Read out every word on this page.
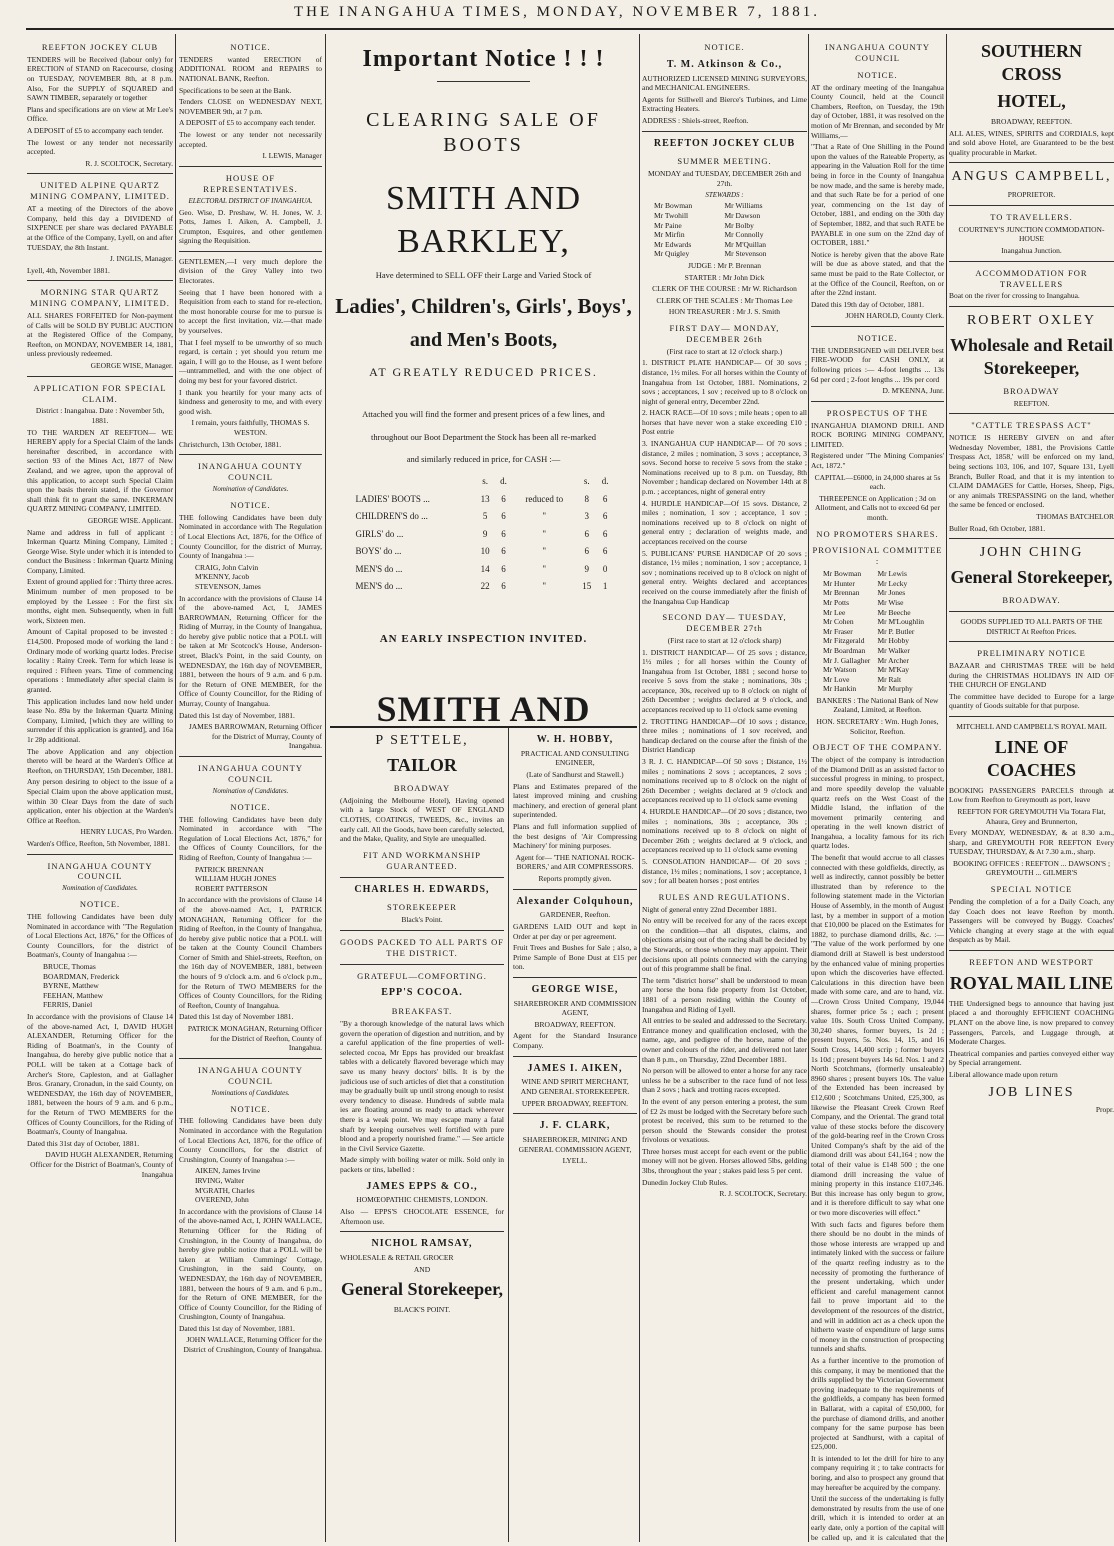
THE INANGAHUA TIMES, MONDAY, NOVEMBER 7, 1881.
REEFTON JOCKEY CLUB
TENDERS will be Received (labour only) for ERECTION of STAND on Racecourse, closing on TUESDAY, NOVEMBER 8th, at 8 p.m. Also, For the SUPPLY of SQUARED and SAWN TIMBER, separately or together
Plans and specifications are on view at Mr Lee's Office.
A DEPOSIT of £5 to accompany each tender.
The lowest or any tender not necessarily accepted.
R. J. SCOLTOCK, Secretary.
UNITED ALPINE QUARTZ MINING COMPANY, LIMITED.
AT a meeting of the Directors of the above Company, held this day a DIVIDEND of SIXPENCE per share was declared PAYABLE at the Office of the Company, Lyell, on and after TUESDAY, the 8th Instant.
J. INGLIS, Manager.
Lyell, 4th, November 1881.
MORNING STAR QUARTZ MINING COMPANY, LIMITED.
ALL SHARES FORFEITED for Non-payment of Calls will be SOLD BY PUBLIC AUCTION at the Registered Office of the Company, Reefton, on MONDAY, NOVEMBER 14, 1881, unless previously redeemed.
GEORGE WISE, Manager.
APPLICATION FOR SPECIAL CLAIM.
District : Inangahua. Date : November 5th, 1881.
TO THE WARDEN AT REEFTON— WE HEREBY apply for a Special Claim of the lands hereinafter described, in accordance with section 93 of the Mines Act, 1877 of New Zealand, and we agree, upon the approval of this application, to accept such Special Claim upon the basis therein stated, if the Governor shall think fit to grant the same. INKERMAN QUARTZ MINING COMPANY, LIMITED.
GEORGE WISE. Applicant.
Name and address in full of applicant : Inkerman Quartz Mining Company, Limited ; George Wise. Style under which it is intended to conduct the Business : Inkerman Quartz Mining Company, Limited.
Extent of ground applied for : Thirty three acres. Minimum number of men proposed to be employed by the Lessee : For the first six months, eight men. Subsequently, when in full work, Sixteen men.
Amount of Capital proposed to be invested : £14,500. Proposed mode of working the land : Ordinary mode of working quartz lodes. Precise locality : Rainy Creek. Term for which lease is required : Fifteen years. Time of commencing operations : Immediately after special claim is granted.
This application includes land now held under lease No. 89a by the Inkerman Quartz Mining Company, Limited, [which they are willing to surrender if this application is granted], and 16a 1r 28p additional.
The above Application and any objection thereto will be heard at the Warden's Office at Reefton, on THURSDAY, 15th December, 1881.
Any person desiring to object to the issue of a Special Claim upon the above application must, within 30 Clear Days from the date of such application, enter his objection at the Warden's Office at Reefton.
HENRY LUCAS, Pro Warden.
Warden's Office, Reefton, 5th November, 1881.
INANGAHUA COUNTY COUNCIL
Nomination of Candidates.
NOTICE.
THE following Candidates have been duly Nominated in accordance with "The Regulation of Local Elections Act, 1876," for the Offices of County Councillors, for the district of Boatman's, County of Inangahua :—
BRUCE, Thomas
BOARDMAN, Frederick
BYRNE, Matthew
FEEHAN, Matthew
FERRIS, Daniel
In accordance with the provisions of Clause 14 of the above-named Act, I, DAVID HUGH ALEXANDER, Returning Officer for the Riding of Boatman's, in the County of Inangahua, do hereby give public notice that a POLL will be taken at a Cottage back of Archer's Store, Capleston, and at Gallagher Bros. Granary, Cronadun, in the said County, on WEDNESDAY, the 16th day of NOVEMBER, 1881, between the hours of 9 a.m. and 6 p.m., for the Return of TWO MEMBERS for the Offices of County Councillors, for the Riding of Boatman's, County of Inangahua.
Dated this 31st day of October, 1881.
DAVID HUGH ALEXANDER, Returning Officer for the District of Boatman's, County of Inangahua
NOTICE.
TENDERS wanted ERECTION of ADDITIONAL ROOM and REPAIRS to NATIONAL BANK, Reefton.
Specifications to be seen at the Bank.
Tenders CLOSE on WEDNESDAY NEXT, NOVEMBER 9th, at 7 p.m.
A DEPOSIT of £5 to accompany each tender.
The lowest or any tender not necessarily accepted.
I. LEWIS, Manager
HOUSE OF REPRESENTATIVES.
ELECTORAL DISTRICT OF INANGAHUA.
Geo. Wise, D. Preshaw, W. H. Jones, W. J. Potts, James I. Aiken, A. Campbell, J. Crumpton, Esquires, and other gentlemen signing the Requisition.
GENTLEMEN,—I very much deplore the division of the Grey Valley into two Electorates.
Seeing that I have been honored with a Requisition from each to stand for re-election, the most honorable course for me to pursue is to accept the first invitation, viz.—that made by yourselves.
That I feel myself to be unworthy of so much regard, is certain ; yet should you return me again, I will go to the House, as I went before—untrammelled, and with the one object of doing my best for your favored district.
I thank you heartily for your many acts of kindness and generosity to me, and with every good wish.
I remain, yours faithfully, THOMAS S. WESTON.
Christchurch, 13th October, 1881.
INANGAHUA COUNTY COUNCIL
Nomination of Candidates.
NOTICE.
THE following Candidates have been duly Nominated in accordance with The Regulation of Local Elections Act, 1876, for the Office of County Councillor, for the district of Murray, County of Inangahua :—
CRAIG, John Calvin
M'KENNY, Jacob
STEVENSON, James
In accordance with the provisions of Clause 14 of the above-named Act, I, JAMES BARROWMAN, Returning Officer for the Riding of Murray, in the County of Inangahua, do hereby give public notice that a POLL will be taken at Mr Scotcock's House, Anderson-street, Black's Point, in the said County, on WEDNESDAY, the 16th day of NOVEMBER, 1881, between the hours of 9 a.m. and 6 p.m. for the Return of ONE MEMBER, for the Office of County Councillor, for the Riding of Murray, County of Inangahua.
Dated this 1st day of November, 1881.
JAMES BARROWMAN, Returning Officer for the District of Murray, County of Inangahua.
INANGAHUA COUNTY COUNCIL
Nomination of Candidates.
NOTICE.
THE following Candidates have been duly Nominated in accordance with "The Regulation of Local Elections Act, 1876," for the Offices of County Councillors, for the Riding of Reefton, County of Inangahua :—
PATRICK BRENNAN
WILLIAM HUGH JONES
ROBERT PATTERSON
In accordance with the provisions of Clause 14 of the above-named Act, I, PATRICK MONAGHAN, Returning Officer for the Riding of Reefton, in the County of Inangahua, do hereby give public notice that a POLL will be taken at the County Council Chambers Corner of Smith and Shiel-streets, Reefton, on the 16th day of NOVEMBER, 1881, between the hours of 9 o'clock a.m. and 6 o'clock p.m., for the Return of TWO MEMBERS for the Offices of County Councillors, for the Riding of Reefton, County of Inangahua.
Dated this 1st day of November 1881.
PATRICK MONAGHAN, Returning Officer for the District of Reefton, County of Inangahua.
INANGAHUA COUNTY COUNCIL
Nominations of Candidates.
NOTICE.
THE following Candidates have been duly Nominated in accordance with the Regulation of Local Elections Act, 1876, for the office of County Councillors, for the district of Crushington, County of Inangahua :—
AIKEN, James Irvine
IRVING, Walter
M'GRATH, Charles
OVEREND, John
In accordance with the provisions of Clause 14 of the above-named Act, I, JOHN WALLACE, Returning Officer for the Riding of Crushington, in the County of Inangahua, do hereby give public notice that a POLL will be taken at William Cummings' Cottage, Crushington, in the said County, on WEDNESDAY, the 16th day of NOVEMBER, 1881, between the hours of 9 a.m. and 6 p.m., for the Return of ONE MEMBER, for the Office of County Councillor, for the Riding of Crushington, County of Inangahua.
Dated this 1st day of November, 1881.
JOHN WALLACE, Returning Officer for the District of Crushington, County of Inangahua.
Important Notice ! ! !
CLEARING SALE OF BOOTS
SMITH AND BARKLEY,
Have determined to SELL OFF their Large and Varied Stock of
Ladies', Children's, Girls', Boys',
and Men's Boots,
AT GREATLY REDUCED PRICES.
Attached you will find the former and present prices of a few lines, and
throughout our Boot Department the Stock has been all re-marked
and similarly reduced in price, for CASH :—
	s.	d.		s.	d.
LADIES' BOOTS ...	13	6	reduced to	8	6
CHILDREN'S do ...	5	6	"	3	6
GIRLS' do ...	9	6	"	6	6
BOYS' do ...	10	6	"	6	6
MEN'S do ...	14	6	"	9	0
MEN'S do ...	22	6	"	15	1
AN EARLY INSPECTION INVITED.
SMITH AND
P SETTELE,
TAILOR
BROADWAY
(Adjoining the Melbourne Hotel), Having opened with a large Stock of WEST OF ENGLAND CLOTHS, COATINGS, TWEEDS, &c., invites an early call. All the Goods, have been carefully selected, and the Make, Quality, and Style are unequalled.
FIT AND WORKMANSHIP GUARANTEED.
CHARLES H. EDWARDS,
STOREKEEPER
Black's Point.
GOODS PACKED TO ALL PARTS OF THE DISTRICT.
GRATEFUL—COMFORTING.
EPP'S COCOA.
BREAKFAST.
"By a thorough knowledge of the natural laws which govern the operation of digestion and nutrition, and by a careful application of the fine properties of well-selected cocoa, Mr Epps has provided our breakfast tables with a delicately flavored beverage which may save us many heavy doctors' bills. It is by the judicious use of such articles of diet that a constitution may be gradually built up until strong enough to resist every tendency to disease. Hundreds of subtle mala ies are floating around us ready to attack wherever there is a weak point. We may escape many a fatal shaft by keeping ourselves well fortified with pure blood and a properly nourished frame." — See article in the Civil Service Gazette.
Made simply with boiling water or milk. Sold only in packets or tins, labelled :
JAMES EPPS & CO.,
HOMŒOPATHIC CHEMISTS, LONDON.
Also — EPPS'S CHOCOLATE ESSENCE, for Afternoon use.
NICHOL RAMSAY,
WHOLESALE & RETAIL GROCER
AND
General Storekeeper,
BLACK'S POINT.
W. H. HOBBY,
PRACTICAL AND CONSULTING ENGINEER,
(Late of Sandhurst and Stawell.)
Plans and Estimates prepared of the latest improved mining and crushing machinery, and erection of general plant superintended.
Plans and full information supplied of the best designs of 'Air Compressing Machinery' for mining purposes.
Agent for— 'THE NATIONAL ROCK-BORERS,' and AIR COMPRESSORS.
Reports promptly given.
Alexander Colquhoun,
GARDENER, Reefton.
GARDENS LAID OUT and kept in Order at per day or per agreement.
Fruit Trees and Bushes for Sale ; also, a Prime Sample of Bone Dust at £15 per ton.
GEORGE WISE,
SHAREBROKER AND COMMISSION AGENT,
BROADWAY, REEFTON.
Agent for the Standard Insurance Company.
JAMES I. AIKEN,
WINE AND SPIRIT MERCHANT, AND GENERAL STOREKEEPER.
UPPER BROADWAY, REEFTON.
J. F. CLARK,
SHAREBROKER, MINING AND GENERAL COMMISSION AGENT,
LYELL.
NOTICE.
T. M. Atkinson & Co.,
AUTHORIZED LICENSED MINING SURVEYORS, and MECHANICAL ENGINEERS.
Agents for Stillwell and Bierce's Turbines, and Lime Extracting Heaters.
ADDRESS : Shiels-street, Reefton.
REEFTON JOCKEY CLUB
SUMMER MEETING.
MONDAY and TUESDAY, DECEMBER 26th and 27th.
STEWARDS :
Mr Bowman	Mr Williams
Mr Twohill	Mr Dawson
Mr Paine	Mr Bolby
Mr Mirfin	Mr Connolly
Mr Edwards	Mr M'Quillan
Mr Quigley	Mr Stevenson
JUDGE : Mr P. Brennan
STARTER : Mr John Dick
CLERK OF THE COURSE : Mr W. Richardson
CLERK OF THE SCALES : Mr Thomas Lee
HON TREASURER : Mr J. S. Smith
FIRST DAY— MONDAY, DECEMBER 26th
(First race to start at 12 o'clock sharp.)
1. DISTRICT PLATE HANDICAP— Of 30 sovs ; distance, 1½ miles. For all horses within the County of Inangahua from 1st October, 1881. Nominations, 2 sovs ; acceptances, 1 sov ; received up to 8 o'clock on night of general entry, December 22nd.
2. HACK RACE—Of 10 sovs ; mile heats ; open to all horses that have never won a stake exceeding £10 ; Post entrie
3. INANGAHUA CUP HANDICAP— Of 70 sovs ; distance, 2 miles ; nomination, 3 sovs ; acceptance, 3 sovs. Second horse to receive 5 sovs from the stake ; Nominations received up to 8 p.m. on Tuesday, 8th November ; handicap declared on November 14th at 8 p.m. ; acceptances, night of general entry
4. HURDLE HANDICAP—Of 15 sovs. Distance, 2 miles ; nomination, 1 sov ; acceptance, 1 sov ; nominations received up to 8 o'clock on night of general entry ; declaration of weights made, and acceptances received on the course
5. PUBLICANS' PURSE HANDICAP Of 20 sovs ; distance, 1½ miles ; nomination, 1 sov ; acceptance, 1 sov ; nominations received up to 8 o'clock on night of general entry. Weights declared and acceptances received on the course immediately after the finish of the Inangahua Cup Handicap
SECOND DAY— TUESDAY, DECEMBER 27th
(First race to start at 12 o'clock sharp)
1. DISTRICT HANDICAP— Of 25 sovs ; distance, 1½ miles ; for all horses within the County of Inangahua from 1st October, 1881 ; second horse to receive 5 sovs from the stake ; nominations, 30s ; acceptance, 30s, received up to 8 o'clock on night of 26th December ; weights declared at 9 o'clock, and acceptances received up to 11 o'clock same evening
2. TROTTING HANDICAP—Of 10 sovs ; distance, three miles ; nominations of 1 sov received, and handicap declared on the course after the finish of the District Handicap
3 R. J. C. HANDICAP—Of 50 sovs ; Distance, 1½ miles ; nominations 2 sovs ; acceptances, 2 sovs ; nominations received up to 8 o'clock on the night of 26th December ; weights declared at 9 o'clock and acceptances received up to 11 o'clock same evening
4. HURDLE HANDICAP—Of 20 sovs ; distance, two miles ; nominations, 30s ; acceptance, 30s ; nominations received up to 8 o'clock on night of December 26th ; weights declared at 9 o'clock, and acceptances received up to 11 o'clock same evening
5. CONSOLATION HANDICAP— Of 20 sovs ; distance, 1½ miles ; nominations, 1 sov ; acceptance, 1 sov ; for all beaten horses ; post entries
RULES AND REGULATIONS.
Night of general entry 22nd December 1881.
No entry will be received for any of the races except on the condition—that all disputes, claims, and objections arising out of the racing shall be decided by the Stewards, or those whom they may appoint. Their decisions upon all points connected with the carrying out of this programme shall be final.
The term "district horse" shall be understood to mean any horse the bona fide property from 1st October, 1881 of a person residing within the County of Inangahua and Riding of Lyell.
All entries to be sealed and addressed to the Secretary. Entrance money and qualification enclosed, with the name, age, and pedigree of the horse, name of the owner and colours of the rider, and delivered not later than 8 p.m., on Thursday, 22nd December 1881.
No person will be allowed to enter a horse for any race unless he be a subscriber to the race fund of not less than 2 sovs ; hack and trotting races excepted.
In the event of any person entering a protest, the sum of £2 2s must be lodged with the Secretary before such protest be received, this sum to be returned to the person should the Stewards consider the protest frivolous or vexatious.
Three horses must accept for each event or the public money will not be given. Horses allowed 5lbs, gelding 3lbs, throughout the year ; stakes paid less 5 per cent.
Dunedin Jockey Club Rules.
R. J. SCOLTOCK, Secretary.
INANGAHUA COUNTY COUNCIL
NOTICE.
AT the ordinary meeting of the Inangahua County Council, held at the Council Chambers, Reefton, on Tuesday, the 19th day of October, 1881, it was resolved on the motion of Mr Brennan, and seconded by Mr Williams,—
"That a Rate of One Shilling in the Pound upon the values of the Rateable Property, as appearing in the Valuation Roll for the time being in force in the County of Inangahua be now made, and the same is hereby made, and that such Rate be for a period of one year, commencing on the 1st day of October, 1881, and ending on the 30th day of September, 1882, and that such RATE be PAYABLE in one sum on the 22nd day of OCTOBER, 1881."
Notice is hereby given that the above Rate will be due as above stated, and that the same must be paid to the Rate Collector, or at the Office of the Council, Reefton, on or after the 22nd instant.
Dated this 19th day of October, 1881.
JOHN HAROLD, County Clerk.
NOTICE.
THE UNDERSIGNED will DELIVER best FIRE-WOOD for CASH ONLY, at following prices :— 4-foot lengths ... 13s 6d per cord ; 2-foot lengths ... 19s per cord
D. M'KENNA, Junr.
PROSPECTUS OF THE
INANGAHUA DIAMOND DRILL AND ROCK BORING MINING COMPANY, LIMITED.
Registered under "The Mining Companies' Act, 1872."
CAPITAL—£6000, in 24,000 shares at 5s each.
THREEPENCE on Application ; 3d on Allotment, and Calls not to exceed 6d per month.
NO PROMOTERS SHARES.
PROVISIONAL COMMITTEE :
Mr Bowman	Mr Lewis
Mr Hunter	Mr Lecky
Mr Brennan	Mr Jones
Mr Potts	Mr Wise
Mr Lee	Mr Beeche
Mr Cohen	Mr M'Loughlin
Mr Fraser	Mr P. Butler
Mr Fitzgerald	Mr Hobby
Mr Boardman	Mr Walker
Mr J. Gallagher Mr Archer
Mr Watson	Mr M'Kay
Mr Love	Mr Ralt
Mr Hankin	Mr Murphy
BANKERS : The National Bank of New Zealand, Limited, at Reefton.
HON. SECRETARY : Wm. Hugh Jones, Solicitor, Reefton.
OBJECT OF THE COMPANY.
The object of the company is introduction of the Diamond Drill as an assisted factor to successful progress in mining, to prospect, and more speedily develop the valuable quartz reefs on the West Coast of the Middle Island, the inflation of the movement primarily centering and operating in the well known district of Inangahua, a locality famous for its rich quartz lodes.
The benefit that would accrue to all classes connected with these goldfields, directly, as well as indirectly, cannot possibly be better illustrated than by reference to the following statement made in the Victorian House of Assembly, in the month of August last, by a member in support of a motion that £10,000 be placed on the Estimates for 1882, to purchase diamond drills, &c. :— "The value of the work performed by one diamond drill at Stawell is best understood by the enhanced value of mining properties upon which the discoveries have effected. Calculations in this direction have been made with some care, and are to hand, viz.—Crown Cross United Company, 19,044 shares, former price 5s ; each ; present value 10s. South Cross United Company, 30,240 shares, former buyers, 1s 2d ; present buyers, 5s. Nos. 14, 15, and 16 South Cross, 14,400 scrip ; former buyers 1s 10d ; present buyers 14s 6d. Nos. 1 and 2 North Scotchmans, (formerly unsaleable) 8960 shares ; present buyers 10s. The value of the Extended has been increased by £12,600 ; Scotchmans United, £25,300, as likewise the Pleasant Creek Crown Reef Company, and the Oriental. The grand total value of these stocks before the discovery of the gold-bearing reef in the Crown Cross United Company's shaft by the aid of the diamond drill was about £41,164 ; now the total of their value is £148 500 ; the one diamond drill increasing the value of mining property in this instance £107,346. But this increase has only begun to grow, and it is therefore difficult to say what one or two more discoveries will effect."
With such facts and figures before them there should be no doubt in the minds of those whose interests are wrapped up and intimately linked with the success or failure of the quartz reefing industry as to the necessity of promoting the furtherance of the present undertaking, which under efficient and careful management cannot fail to prove important aid to the development of the resources of the district, and will in addition act as a check upon the hitherto waste of expenditure of large sums of money in the construction of prospecting tunnels and shafts.
As a further incentive to the promotion of this company, it may be mentioned that the drills supplied by the Victorian Government proving inadequate to the requirements of the goldfields, a company has been formed in Ballarat, with a capital of £50,000, for the purchase of diamond drills, and another company for the same purpose has been projected at Sandhurst, with a capital of £25,000.
It is intended to let the drill for hire to any company requiring it ; to take contracts for boring, and also to prospect any ground that may hereafter be acquired by the company.
Until the success of the undertaking is fully demonstrated by results from the use of one drill, which it is intended to order at an early date, only a portion of the capital will be called up, and it is calculated that the
SOUTHERN CROSS
HOTEL,
BROADWAY, REEFTON.
ALL ALES, WINES, SPIRITS and CORDIALS, kept and sold above Hotel, are Guaranteed to be the best quality procurable in Market.
ANGUS CAMPBELL,
PROPRIETOR.
TO TRAVELLERS.
COURTNEY'S JUNCTION COMMODATION-HOUSE
Inangahua Junction.
ACCOMMODATION FOR TRAVELLERS
Boat on the river for crossing to Inangahua.
ROBERT OXLEY
Wholesale and Retail Storekeeper,
BROADWAY
REEFTON.
"CATTLE TRESPASS ACT"
NOTICE IS HEREBY GIVEN on and after Wednesday November, 1881, the Provisions Cattle Trespass Act, 1858,' will be enforced on my land, being sections 103, 106, and 107, Square 131, Lyell Branch, Buller Road, and that it is my intention to CLAIM DAMAGES for Cattle, Horses, Sheep, Pigs, or any animals TRESPASSING on the land, whether the same be fenced or enclosed.
THOMAS BATCHELOR
Buller Road, 6th October, 1881.
JOHN CHING
General Storekeeper,
BROADWAY.
GOODS SUPPLIED TO ALL PARTS OF THE DISTRICT At Reefton Prices.
PRELIMINARY NOTICE
BAZAAR and CHRISTMAS TREE will be held during the CHRISTMAS HOLIDAYS IN AID OF THE CHURCH OF ENGLAND
The committee have decided to Europe for a large quantity of Goods suitable for that purpose.
MITCHELL AND CAMPBELL'S ROYAL MAIL
LINE OF COACHES
BOOKING PASSENGERS PARCELS through at Low from Reefton to Greymouth as port, leave
REEFTON FOR GREYMOUTH Via Totara Flat, Ahaura, Grey and Brunnerton,
Every MONDAY, WEDNESDAY, & at 8.30 a.m., sharp, and GREYMOUTH FOR REEFTON Every TUESDAY, THURSDAY, & At 7.30 a.m., sharp.
BOOKING OFFICES : REEFTON ... DAWSON'S ; GREYMOUTH ... GILMER'S
SPECIAL NOTICE
Pending the completion of a for a Daily Coach, any day Coach does not leave Reefton by month. Passengers will be conveyed by Buggy. Coaches' Vehicle changing at every stage at the with equal despatch as by Mail.
REEFTON AND WESTPORT
ROYAL MAIL LINE
THE Undersigned begs to announce that having just placed a and thoroughly EFFICIENT COACHING PLANT on the above line, is now prepared to convey Passengers, Parcels, and Luggage through, at Moderate Charges.
Theatrical companies and parties conveyed either way by Special arrangement.
Liberal allowance made upon return
JOB LINES
Propr.
